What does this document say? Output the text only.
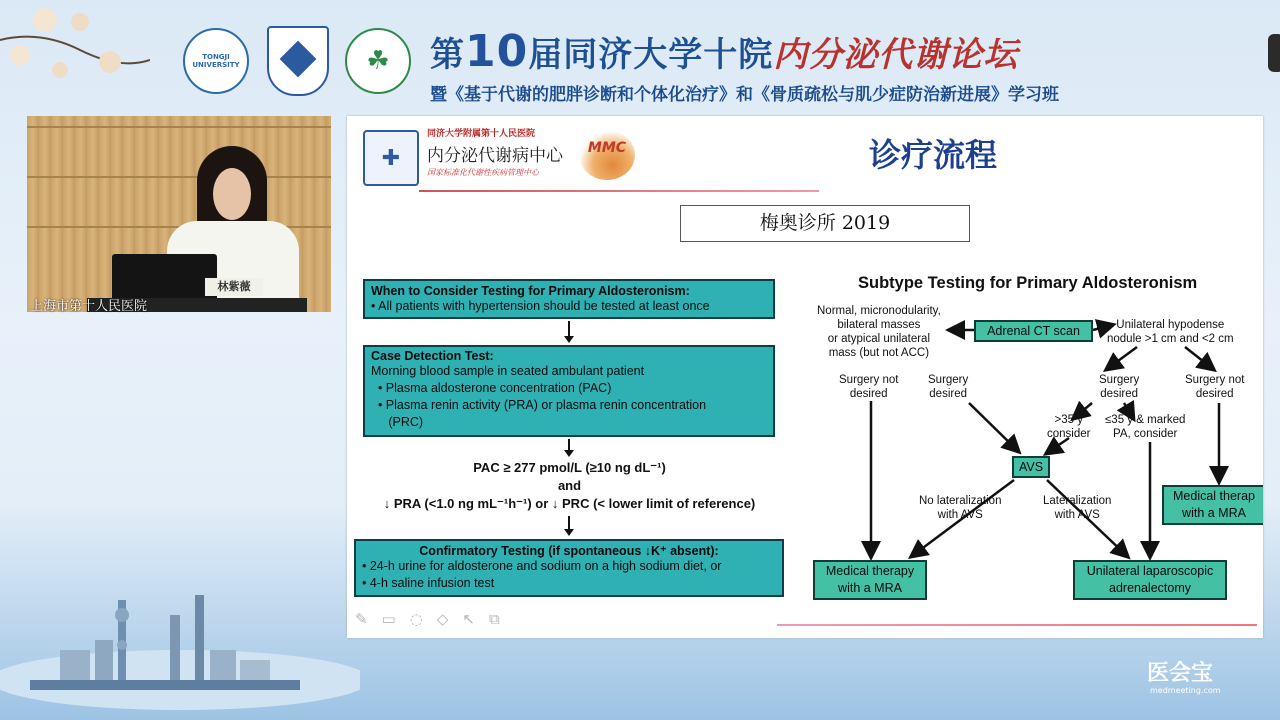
TONGJI UNIVERSITY	☘ 第10届同济大学十院内分泌代谢论坛
暨《基于代谢的肥胖诊断和个体化治疗》和《骨质疏松与肌少症防治新进展》学习班
林紫薇
上海市第十人民医院
✚
同济大学附属第十人民医院
内分泌代谢病中心
国家标准化代谢性疾病管理中心
MMC	诊疗流程
梅奥诊所 2019
When to Consider Testing for Primary Aldosteronism:
• All patients with hypertension should be tested at least once
Case Detection Test:
Morning blood sample in seated ambulant patient
• Plasma aldosterone concentration (PAC)
• Plasma renin activity (PRA) or plasma renin concentration
(PRC)
PAC ≥ 277 pmol/L (≥10 ng dL⁻¹)
and
↓ PRA (<1.0 ng mL⁻¹h⁻¹) or ↓ PRC (< lower limit of reference)
Confirmatory Testing (if spontaneous ↓K⁺ absent):
• 24-h urine for aldosterone and sodium on a high sodium diet, or
• 4-h saline infusion test
Subtype Testing for Primary Aldosteronism
Adrenal CT scan
Normal, micronodularity,
bilateral masses
or atypical unilateral
mass (but not ACC)
Unilateral hypodense
nodule >1 cm and <2 cm
Surgery not
desired
Surgery
desired
Surgery
desired
Surgery not
desired
>35 y
consider
≤35 y & marked
PA, consider
AVS
No lateralization
with AVS
Lateralization
with AVS
Medical therapy
with a MRA
Unilateral laparoscopic
adrenalectomy
Medical therap
with a MRA
✎▭◌◇↖⧉
医会宝
medmeeting.com
